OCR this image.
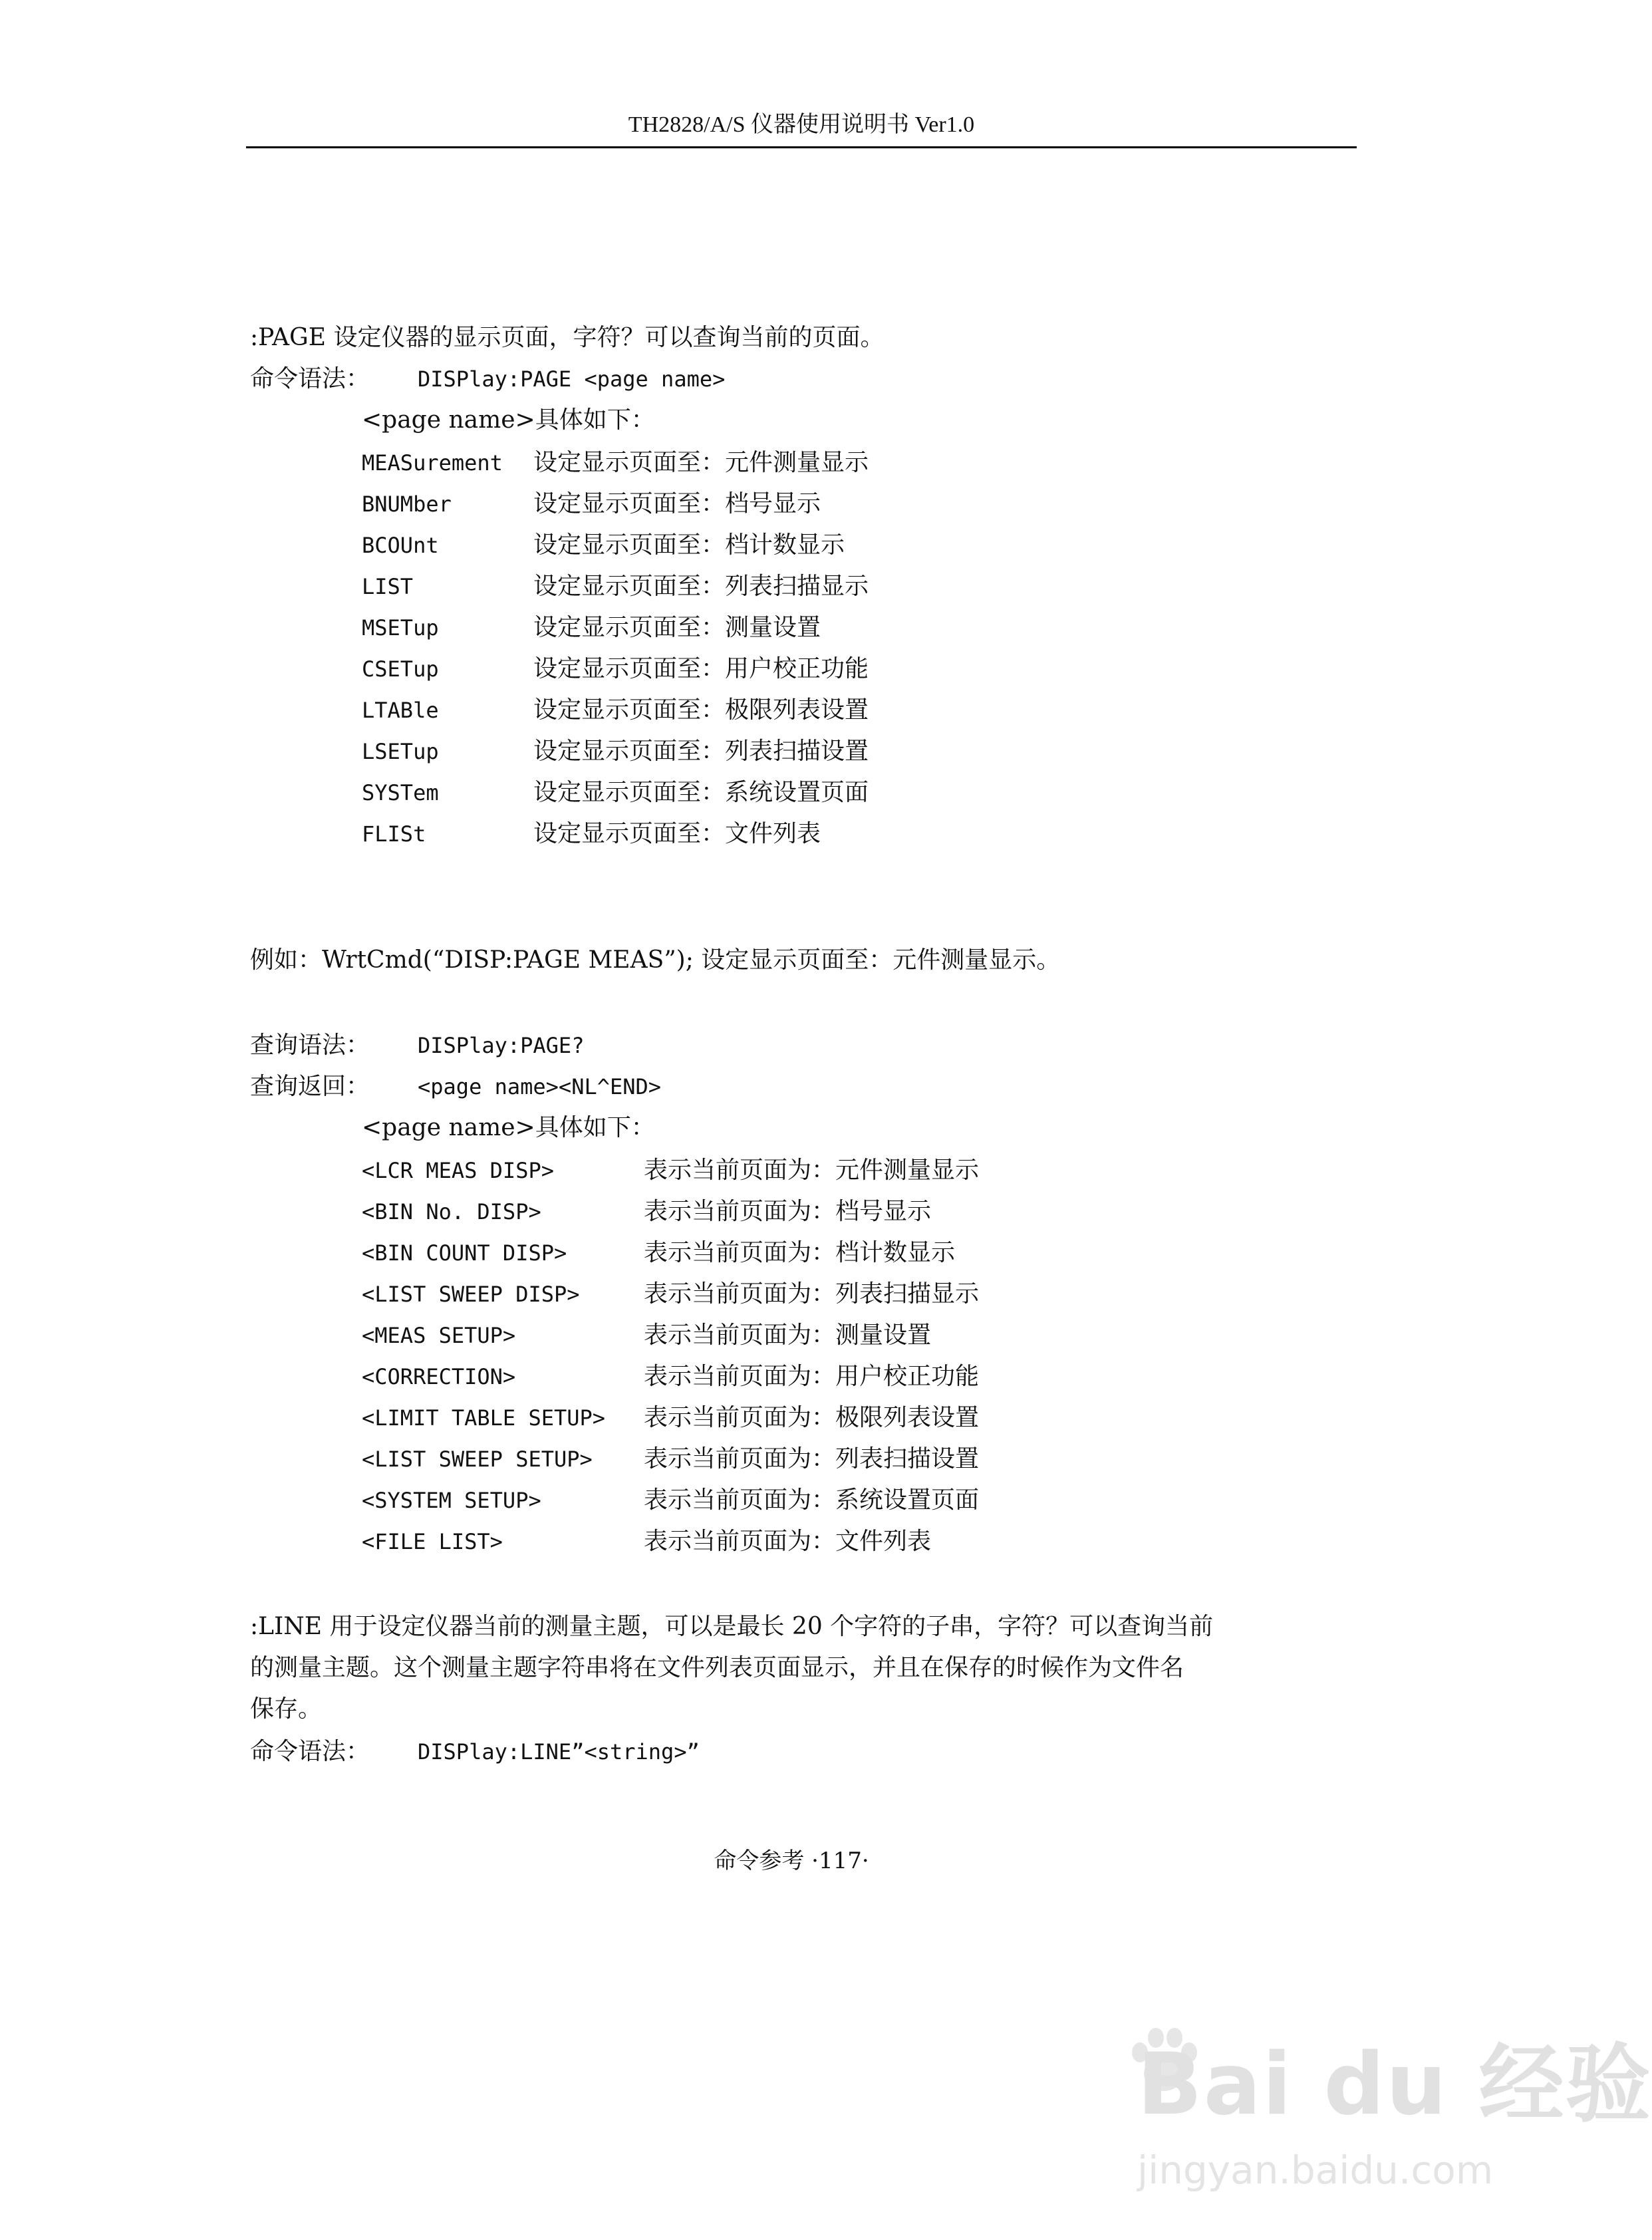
TH2828/A/S 仪器使用说明书 Ver1.0
:PAGE 设定仪器的显示页面，字符？可以查询当前的页面。
命令语法： DISPlay:PAGE <page name>
<page name>具体如下：
MEASurement 设定显示页面至：元件测量显示
BNUMber	设定显示页面至：档号显示
BCOUnt	设定显示页面至：档计数显示
LIST	设定显示页面至：列表扫描显示
MSETup	设定显示页面至：测量设置
CSETup	设定显示页面至：用户校正功能
LTABle	设定显示页面至：极限列表设置
LSETup	设定显示页面至：列表扫描设置
SYSTem	设定显示页面至：系统设置页面
FLISt	设定显示页面至：文件列表
例如：WrtCmd(“DISP:PAGE MEAS”); 设定显示页面至：元件测量显示。
查询语法： DISPlay:PAGE?
查询返回： <page name><NL^END>
<page name>具体如下：
<LCR MEAS DISP>	表示当前页面为：元件测量显示
<BIN No. DISP>	表示当前页面为：档号显示
<BIN COUNT DISP>	表示当前页面为：档计数显示
<LIST SWEEP DISP>	表示当前页面为：列表扫描显示
<MEAS SETUP>	表示当前页面为：测量设置
<CORRECTION>	表示当前页面为：用户校正功能
<LIMIT TABLE SETUP> 表示当前页面为：极限列表设置
<LIST SWEEP SETUP> 表示当前页面为：列表扫描设置
<SYSTEM SETUP>	表示当前页面为：系统设置页面
<FILE LIST>	表示当前页面为：文件列表
:LINE 用于设定仪器当前的测量主题，可以是最长 20 个字符的子串，字符？可以查询当前
的测量主题。这个测量主题字符串将在文件列表页面显示，并且在保存的时候作为文件名
保存。
命令语法： DISPlay:LINE”<string>”
命令参考 ·117·
Bai du 经验
jingyan.baidu.com
